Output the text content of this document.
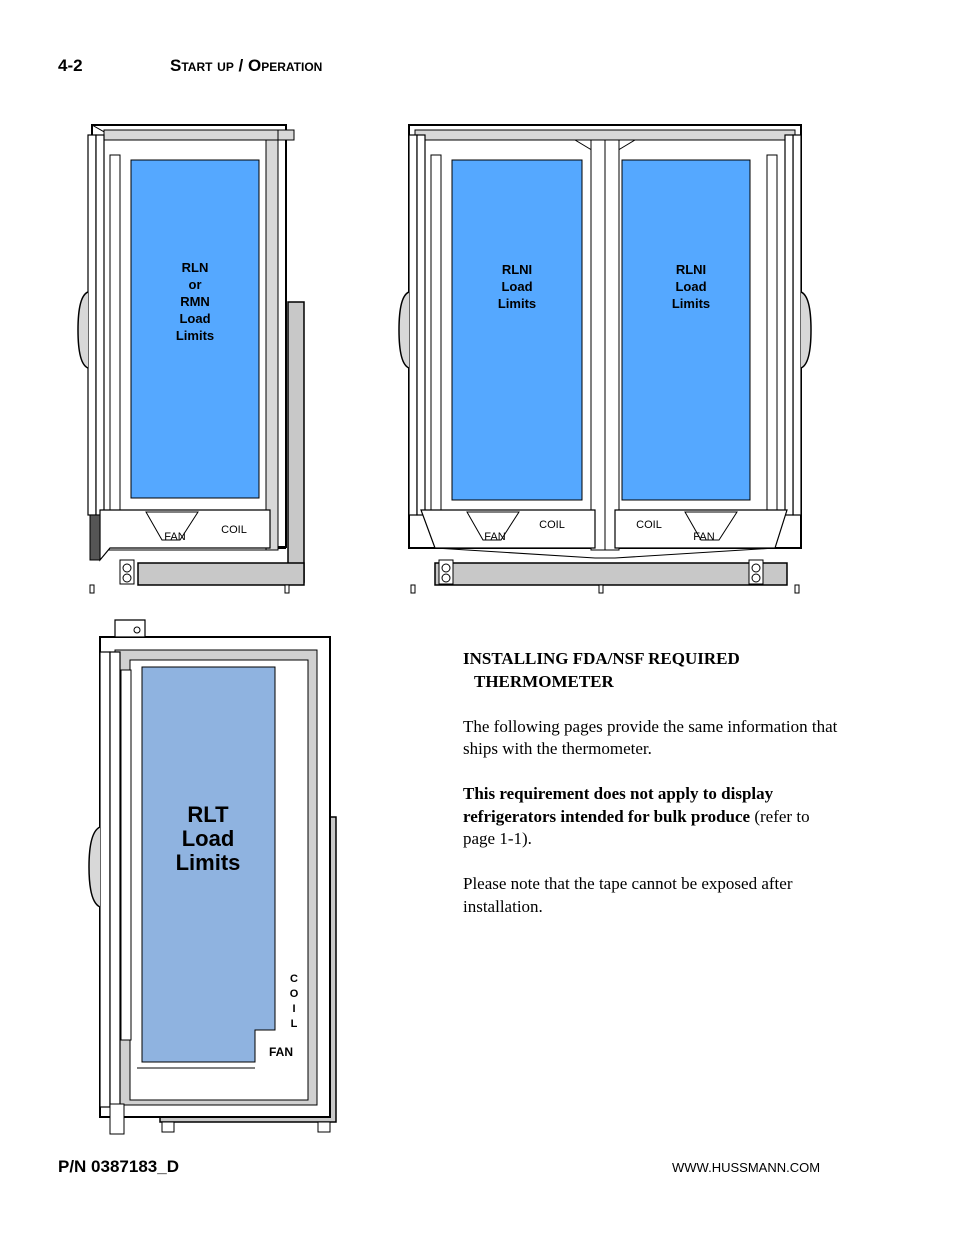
4-2	Start up / Operation
RLN
or
RMN
Load
Limits
FAN
COIL
RLNI
Load
Limits
RLNI
Load
Limits
FAN
COIL	COIL
FAN
RLT
Load
Limits
C
O
I
L
FAN

INSTALLING FDA/NSF REQUIRED
THERMOMETER

The following pages provide the same information that ships with the thermometer.

This requirement does not apply to display refrigerators intended for bulk produce (refer to page 1-1).

Please note that the tape cannot be exposed after installation.

P/N 0387183_D	WWW.HUSSMANN.COM
